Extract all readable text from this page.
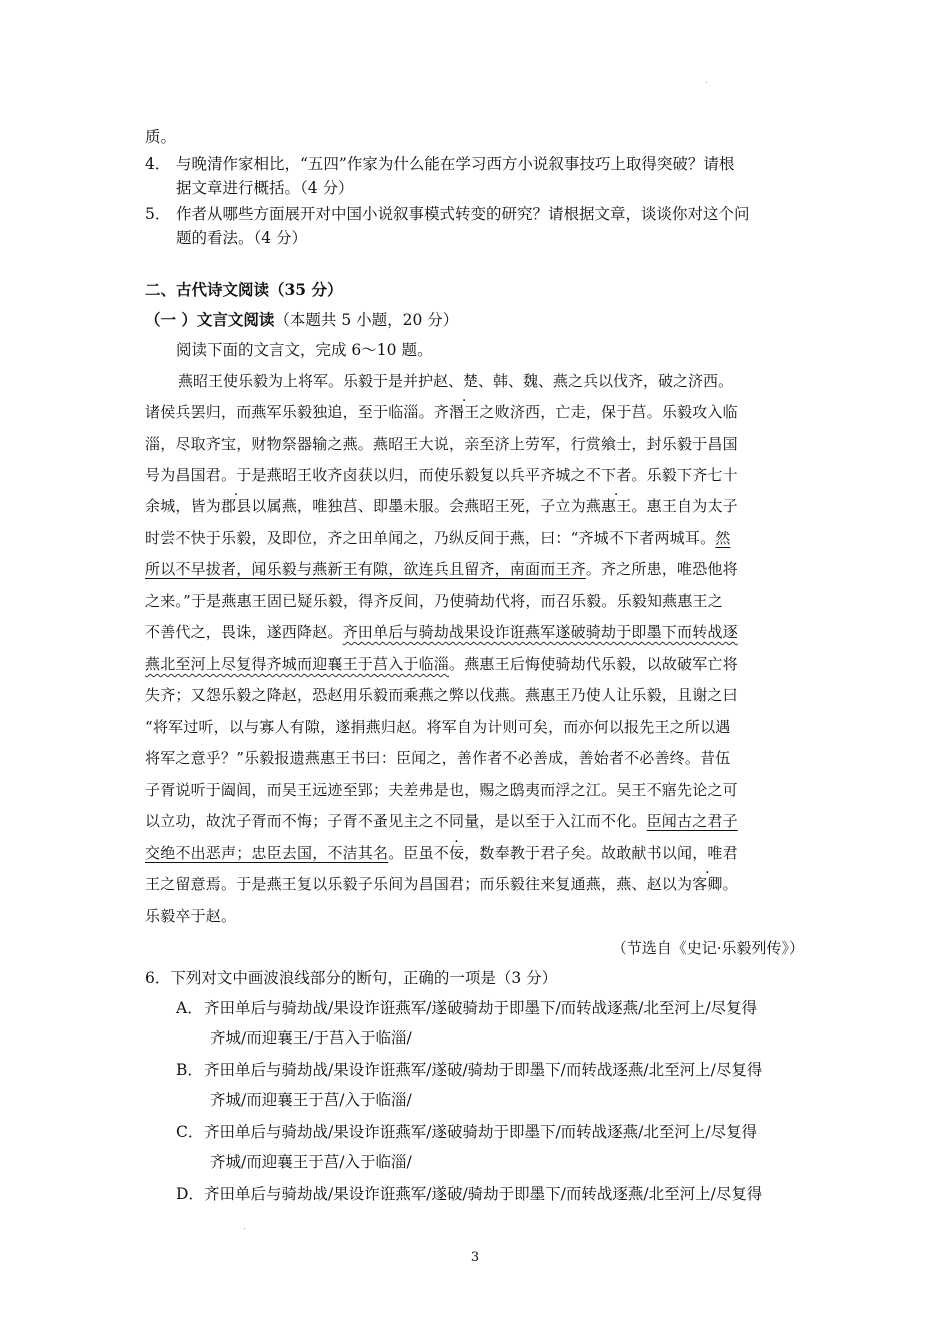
质。
4． 与晚清作家相比，“五四”作家为什么能在学习西方小说叙事技巧上取得突破？请根
据文章进行概括。（4 分）
5． 作者从哪些方面展开对中国小说叙事模式转变的研究？请根据文章，谈谈你对这个问
题的看法。（4 分）
二、古代诗文阅读（35 分）
（一 ）文言文阅读（本题共 5 小题，20 分）
阅读下面的文言文，完成 6～10 题。
燕昭王使乐毅为上将军。乐毅于是并护赵、楚、韩、魏、燕之兵以伐齐，破之济西。
诸侯兵罢归，而燕军乐毅独追，至于临淄。齐湣王之败济西，亡走，保于莒。乐毅攻入临
淄，尽取齐宝，财物祭器输之燕。燕昭王大说，亲至济上劳军，行赏飨士，封乐毅于昌国
号为昌国君。于是燕昭王收齐卤获以归，而使乐毅复以兵平齐城之不下者。乐毅下齐七十
余城，皆为郡县以属燕，唯独莒、即墨未服。会燕昭王死，子立为燕惠王。惠王自为太子
时尝不快于乐毅，及即位，齐之田单闻之，乃纵反间于燕，曰：“齐城不下者两城耳。然
所以不早拔者，闻乐毅与燕新王有隙，欲连兵且留齐，南面而王齐。齐之所患，唯恐他将
之来。”于是燕惠王固已疑乐毅，得齐反间，乃使骑劫代将，而召乐毅。乐毅知燕惠王之
不善代之，畏诛，遂西降赵。齐田单后与骑劫战果设诈诳燕军遂破骑劫于即墨下而转战逐
燕北至河上尽复得齐城而迎襄王于莒入于临淄。燕惠王后悔使骑劫代乐毅，以故破军亡将
失齐；又怨乐毅之降赵，恐赵用乐毅而乘燕之弊以伐燕。燕惠王乃使人让乐毅，且谢之曰
“将军过听，以与寡人有隙，遂捐燕归赵。将军自为计则可矣，而亦何以报先王之所以遇
将军之意乎？”乐毅报遗燕惠王书曰：臣闻之，善作者不必善成，善始者不必善终。昔伍
子胥说听于阖闾，而吴王远迹至郢；夫差弗是也，赐之鸱夷而浮之江。吴王不寤先论之可
以立功，故沈子胥而不悔；子胥不蚤见主之不同量，是以至于入江而不化。臣闻古之君子
交绝不出恶声；忠臣去国，不洁其名。臣虽不佞，数奉教于君子矣。故敢献书以闻，唯君
王之留意焉。于是燕王复以乐毅子乐间为昌国君；而乐毅往来复通燕，燕、赵以为客卿。
乐毅卒于赵。
（节选自《史记·乐毅列传》）
6．下列对文中画波浪线部分的断句，正确的一项是（3 分）
A． 齐田单后与骑劫战/果设诈诳燕军/遂破骑劫于即墨下/而转战逐燕/北至河上/尽复得
齐城/而迎襄王/于莒入于临淄/
B． 齐田单后与骑劫战/果设诈诳燕军/遂破/骑劫于即墨下/而转战逐燕/北至河上/尽复得
齐城/而迎襄王于莒/入于临淄/
C． 齐田单后与骑劫战/果设诈诳燕军/遂破骑劫于即墨下/而转战逐燕/北至河上/尽复得
齐城/而迎襄王于莒/入于临淄/
D． 齐田单后与骑劫战/果设诈诳燕军/遂破/骑劫于即墨下/而转战逐燕/北至河上/尽复得
3
